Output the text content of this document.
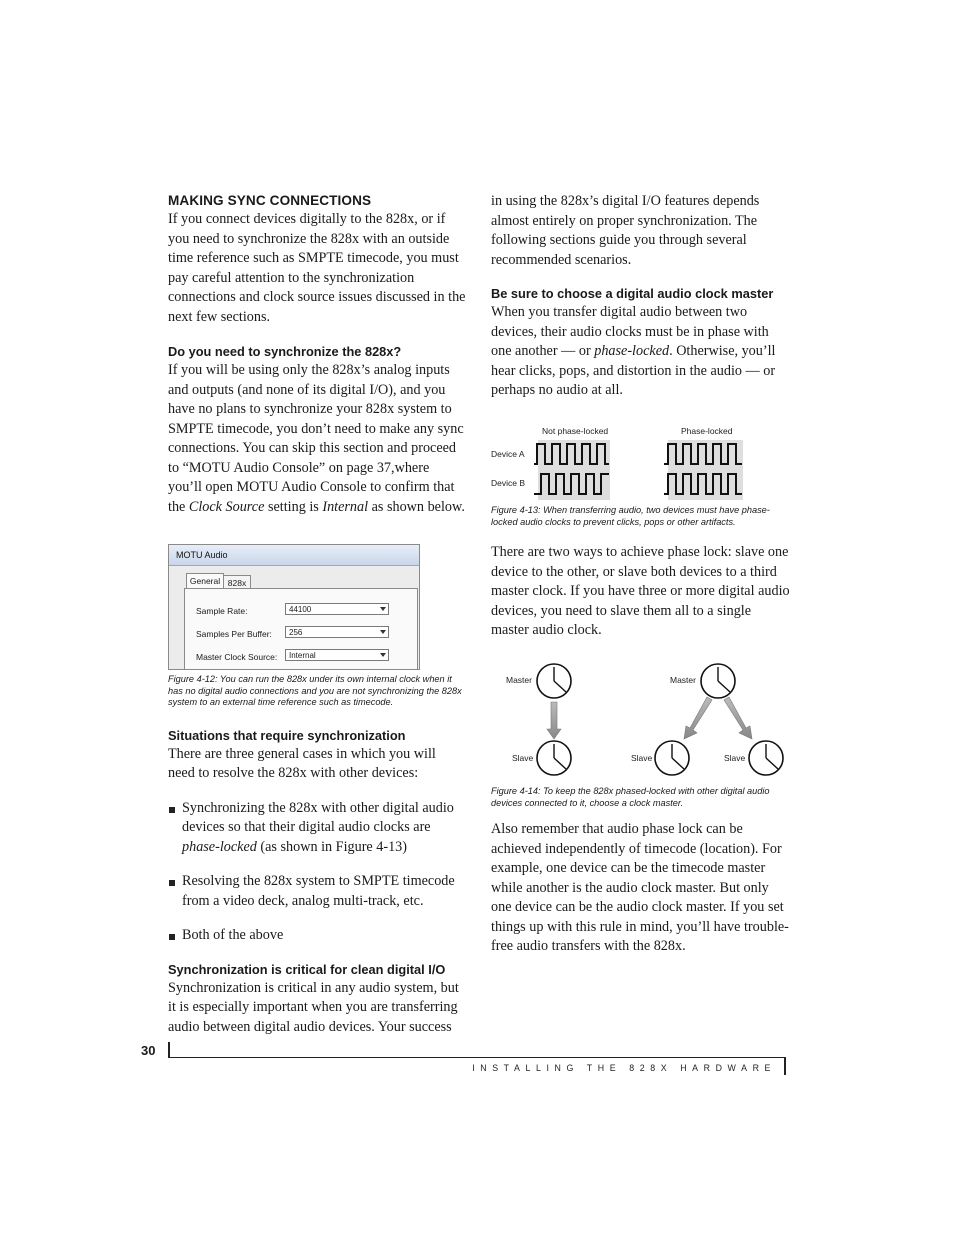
MAKING SYNC CONNECTIONS

If you connect devices digitally to the 828x, or if you need to synchronize the 828x with an outside time reference such as SMPTE timecode, you must pay careful attention to the synchronization connections and clock source issues discussed in the next few sections.

Do you need to synchronize the 828x?

If you will be using only the 828x’s analog inputs and outputs (and none of its digital I/O), and you have no plans to synchronize your 828x system to SMPTE timecode, you don’t need to make any sync connections. You can skip this section and proceed to “MOTU Audio Console” on page 37,where you’ll open MOTU Audio Console to confirm that the Clock Source setting is Internal as shown below.

MOTU Audio
General 828x
Sample Rate:	44100
Samples Per Buffer:	256
Master Clock Source:	Internal

Figure 4-12: You can run the 828x under its own internal clock when it has no digital audio connections and you are not synchronizing the 828x system to an external time reference such as timecode.

Situations that require synchronization

There are three general cases in which you will need to resolve the 828x with other devices:

Synchronizing the 828x with other digital audio devices so that their digital audio clocks are phase-locked (as shown in Figure 4-13)

Resolving the 828x system to SMPTE timecode from a video deck, analog multi-track, etc.

Both of the above

Synchronization is critical for clean digital I/O

Synchronization is critical in any audio system, but it is especially important when you are transferring audio between digital audio devices. Your success

in using the 828x’s digital I/O features depends almost entirely on proper synchronization. The following sections guide you through several recommended scenarios.

Be sure to choose a digital audio clock master

When you transfer digital audio between two devices, their audio clocks must be in phase with one another — or phase-locked. Otherwise, you’ll hear clicks, pops, and distortion in the audio — or perhaps no audio at all.

Not phase-locked	Phase-locked
Device A
Device B

Figure 4-13: When transferring audio, two devices must have phase-locked audio clocks to prevent clicks, pops or other artifacts.

There are two ways to achieve phase lock: slave one device to the other, or slave both devices to a third master clock. If you have three or more digital audio devices, you need to slave them all to a single master audio clock.

Master
Slave
Master
Slave	Slave

Figure 4-14: To keep the 828x phased-locked with other digital audio devices connected to it, choose a clock master.

Also remember that audio phase lock can be achieved independently of timecode (location). For example, one device can be the timecode master while another is the audio clock master. But only one device can be the audio clock master. If you set things up with this rule in mind, you’ll have trouble-free audio transfers with the 828x.

30
INSTALLING THE 828X HARDWARE
